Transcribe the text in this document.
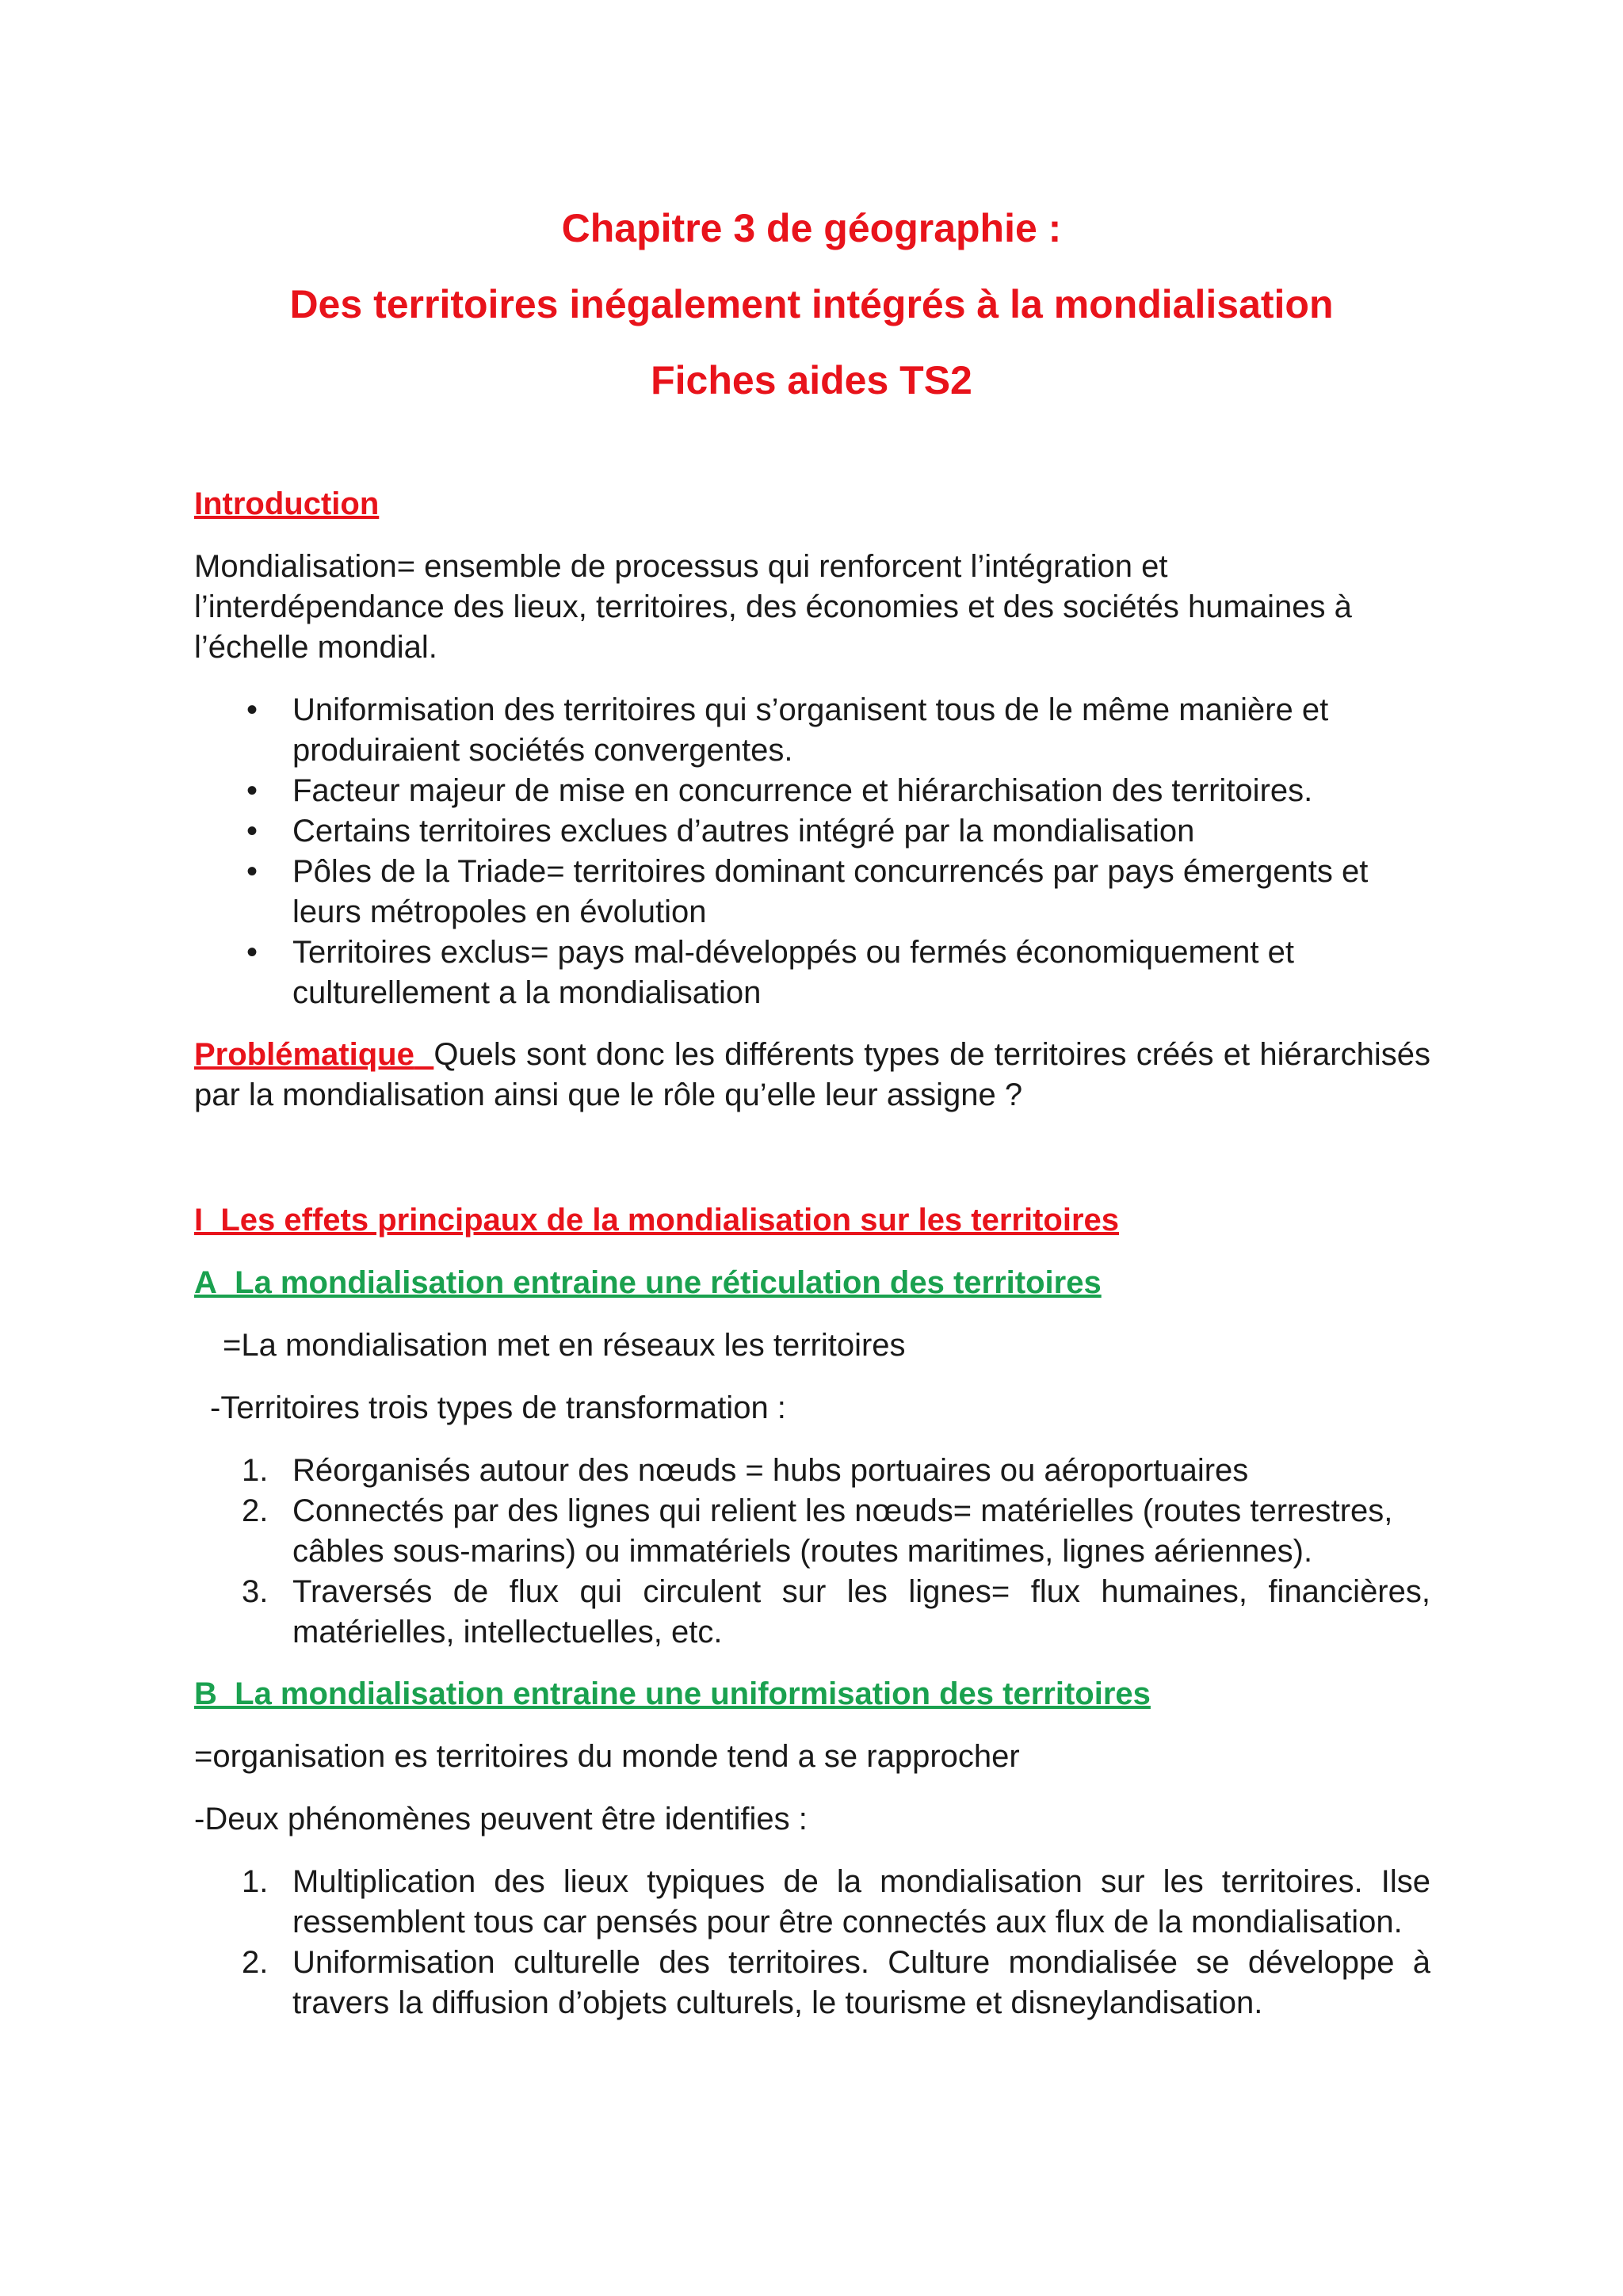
Chapitre 3 de géographie :
Des territoires inégalement intégrés à la mondialisation
Fiches aides TS2

Introduction

Mondialisation= ensemble de processus qui renforcent l’intégration et l’interdépendance des lieux, territoires, des économies et des sociétés humaines à l’échelle mondial.

• Uniformisation des territoires qui s’organisent tous de le même manière et produiraient sociétés convergentes.
• Facteur majeur de mise en concurrence et hiérarchisation des territoires.
• Certains territoires exclues d’autres intégré par la mondialisation
• Pôles de la Triade= territoires dominant concurrencés par pays émergents et leurs métropoles en évolution
• Territoires exclus= pays mal-développés ou fermés économiquement et culturellement a la mondialisation

Problématique Quels sont donc les différents types de territoires créés et hiérarchisés par la mondialisation ainsi que le rôle qu’elle leur assigne ?

I_Les effets principaux de la mondialisation sur les territoires

A_La mondialisation entraine une réticulation des territoires

=La mondialisation met en réseaux les territoires

-Territoires trois types de transformation :

1. Réorganisés autour des nœuds = hubs portuaires ou aéroportuaires
2. Connectés par des lignes qui relient les nœuds= matérielles (routes terrestres, câbles sous-marins) ou immatériels (routes maritimes, lignes aériennes).
3. Traversés de flux qui circulent sur les lignes= flux humaines, financières, matérielles, intellectuelles, etc.

B_La mondialisation entraine une uniformisation des territoires

=organisation es territoires du monde tend a se rapprocher

-Deux phénomènes peuvent être identifies :

1. Multiplication des lieux typiques de la mondialisation sur les territoires. Ilse ressemblent tous car pensés pour être connectés aux flux de la mondialisation.
2. Uniformisation culturelle des territoires. Culture mondialisée se développe à travers la diffusion d’objets culturels, le tourisme et disneylandisation.
